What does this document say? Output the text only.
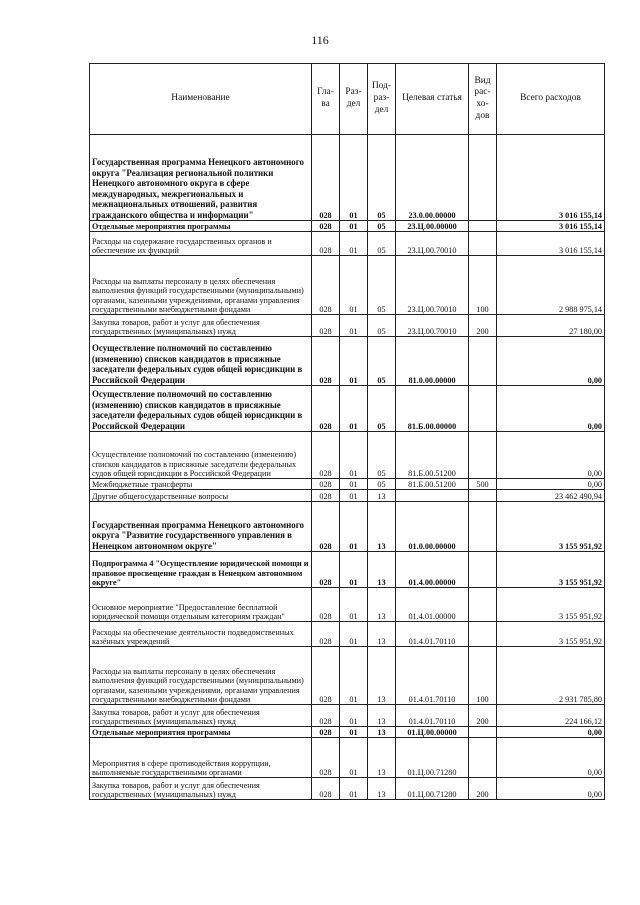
116
Наименование	Гла-ва	Раз-дел	Под-раз-дел	Целевая статья	Вид рас-хо-дов	Всего расходов
Государственная программа Ненецкого автономного округа "Реализация региональной политики Ненецкого автономного округа в сфере международных, межрегиональных и межнациональных отношений, развития гражданского общества и информации"	028	01	05	23.0.00.00000		3 016 155,14
Отдельные мероприятия программы	028	01	05	23.Ц.00.00000		3 016 155,14
Расходы на содержание государственных органов и обеспечение их функций	028	01	05	23.Ц.00.70010		3 016 155,14
Расходы на выплаты персоналу в целях обеспечения выполнения функций государственными (муниципальными) органами, казенными учреждениями, органами управления государственными внебюджетными фондами	028	01	05	23.Ц.00.70010	100	2 988 975,14
Закупка товаров, работ и услуг для обеспечения государственных (муниципальных) нужд	028	01	05	23.Ц.00.70010	200	27 180,00
Осуществление полномочий по составлению (изменению) списков кандидатов в присяжные заседатели федеральных судов общей юрисдикции в Российской Федерации	028	01	05	81.0.00.00000		0,00
Осуществление полномочий по составлению (изменению) списков кандидатов в присяжные заседатели федеральных судов общей юрисдикции в Российской Федерации	028	01	05	81.Б.00.00000		0,00
Осуществление полномочий по составлению (изменению) списков кандидатов в присяжные заседатели федеральных судов общей юрисдикции в Российской Федерации	028	01	05	81.Б.00.51200		0,00
Межбюджетные трансферты	028	01	05	81.Б.00.51200	500	0,00
Другие общегосударственные вопросы	028	01	13			23 462 490,94
Государственная программа Ненецкого автономного округа "Развитие государственного управления в Ненецком автономном округе"	028	01	13	01.0.00.00000		3 155 951,92
Подпрограмма 4 "Осуществление юридической помощи и правовое просвещение граждан в Ненецком автономном округе"	028	01	13	01.4.00.00000		3 155 951,92
Основное мероприятие "Предоставление бесплатной юридической помощи отдельным категориям граждан"	028	01	13	01.4.01.00000		3 155 951,92
Расходы на обеспечение деятельности подведомственных казённых учреждений	028	01	13	01.4.01.70110		3 155 951,92
Расходы на выплаты персоналу в целях обеспечения выполнения функций государственными (муниципальными) органами, казенными учреждениями, органами управления государственными внебюджетными фондами	028	01	13	01.4.01.70110	100	2 931 785,80
Закупка товаров, работ и услуг для обеспечения государственных (муниципальных) нужд	028	01	13	01.4.01.70110	200	224 166,12
Отдельные мероприятия программы	028	01	13	01.Ц.00.00000		0,00
Мероприятия в сфере противодействия коррупции, выполняемые государственными органами	028	01	13	01.Ц.00.71280		0,00
Закупка товаров, работ и услуг для обеспечения государственных (муниципальных) нужд	028	01	13	01.Ц.00.71280	200	0,00
